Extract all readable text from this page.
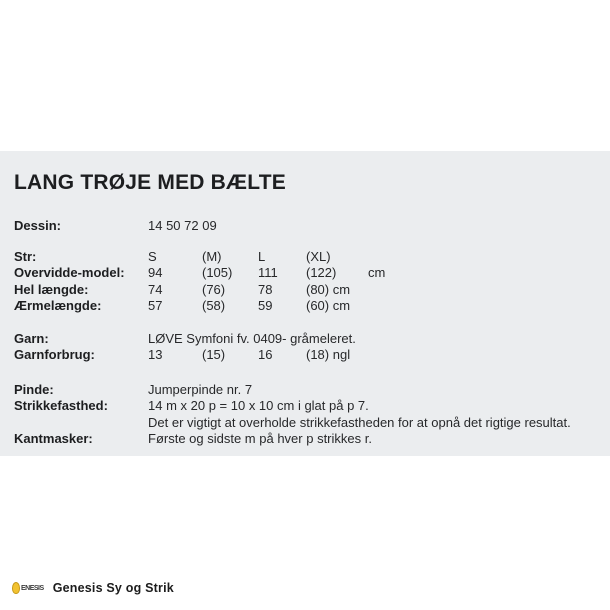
LANG TRØJE MED BÆLTE
Dessin:	14 50 72 09
Str:	S	(M)	L	(XL)
Overvidde-model:	94	(105)	111	(122)	cm
Hel længde:	74	(76)	78	(80) cm
Ærmelængde:	57	(58)	59	(60) cm
Garn:	LØVE Symfoni fv. 0409- gråmeleret.
Garnforbrug:	13	(15)	16	(18) ngl
Pinde:	Jumperpinde nr. 7
Strikkefasthed:	14 m x 20 p = 10 x 10 cm i glat på p 7.
Det er vigtigt at overholde strikkefastheden for at opnå det rigtige resultat.
Kantmasker:	Første og sidste m på hver p strikkes r.
ENESIS Genesis Sy og Strik
